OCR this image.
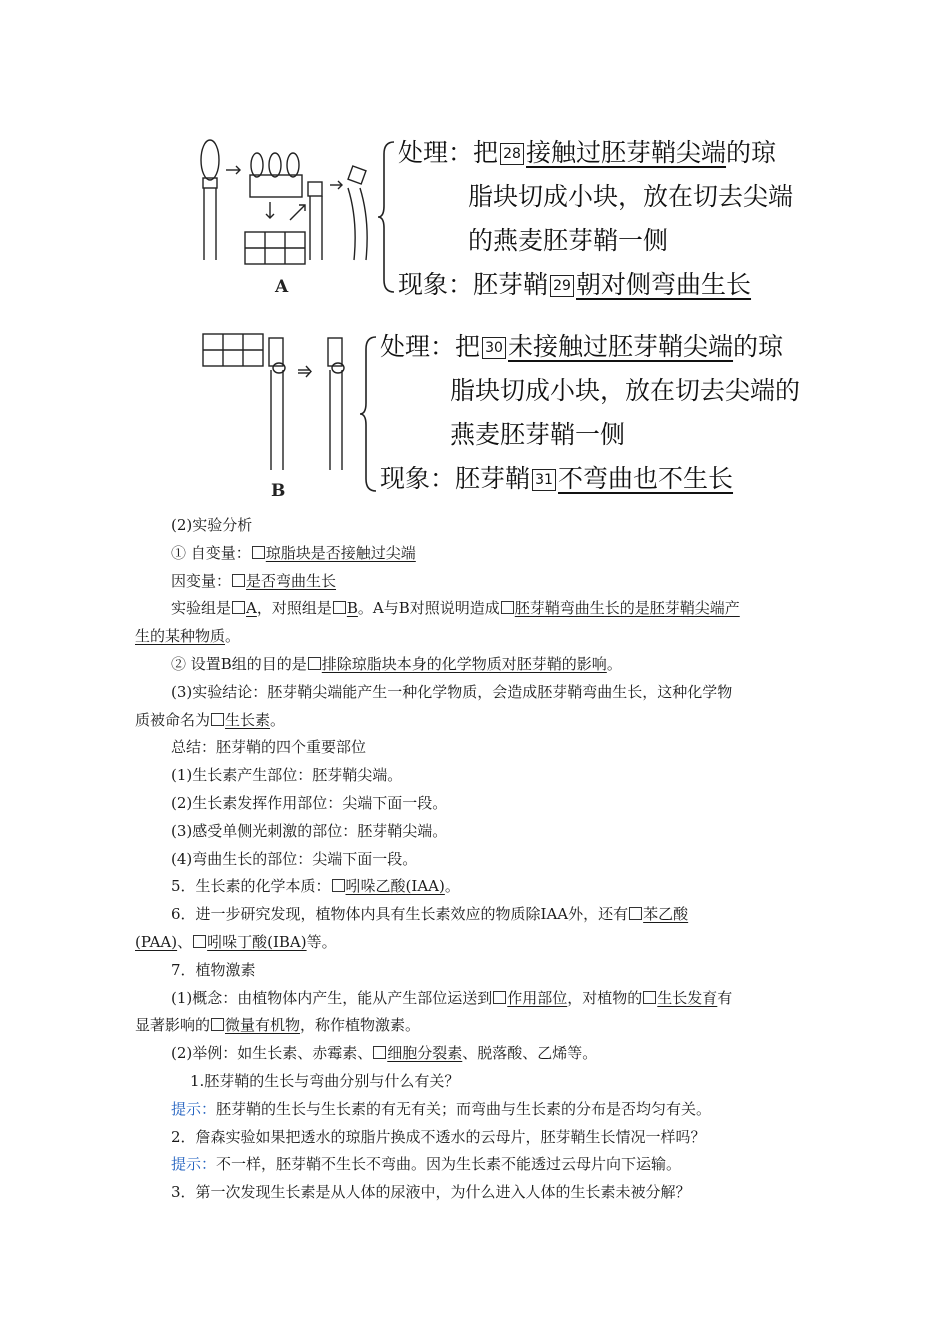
A
处理：把 28 接触过胚芽鞘尖端的琼
脂块切成小块，放在切去尖端
的燕麦胚芽鞘一侧
现象：胚芽鞘 29 朝对侧弯曲生长
B
处理：把 30 未接触过胚芽鞘尖端的琼
脂块切成小块，放在切去尖端的
燕麦胚芽鞘一侧
现象：胚芽鞘 31 不弯曲也不生长
(2)实验分析
① 自变量： 琼脂块是否接触过尖端
因变量： 是否弯曲生长
实验组是 A，对照组是 B。A与B对照说明造成 胚芽鞘弯曲生长的是胚芽鞘尖端产
生的某种物质。
② 设置B组的目的是 排除琼脂块本身的化学物质对胚芽鞘的影响。
(3)实验结论：胚芽鞘尖端能产生一种化学物质，会造成胚芽鞘弯曲生长，这种化学物
质被命名为 生长素。
总结：胚芽鞘的四个重要部位
(1)生长素产生部位：胚芽鞘尖端。
(2)生长素发挥作用部位：尖端下面一段。
(3)感受单侧光刺激的部位：胚芽鞘尖端。
(4)弯曲生长的部位：尖端下面一段。
5．生长素的化学本质： 吲哚乙酸(IAA)。
6．进一步研究发现，植物体内具有生长素效应的物质除IAA外，还有 苯乙酸
(PAA)、 吲哚丁酸(IBA)等。
7．植物激素
(1)概念：由植物体内产生，能从产生部位运送到 作用部位，对植物的 生长发育有
显著影响的 微量有机物，称作植物激素。
(2)举例：如生长素、赤霉素、 细胞分裂素、脱落酸、乙烯等。
1.胚芽鞘的生长与弯曲分别与什么有关？
提示：胚芽鞘的生长与生长素的有无有关；而弯曲与生长素的分布是否均匀有关。
2．詹森实验如果把透水的琼脂片换成不透水的云母片，胚芽鞘生长情况一样吗？
提示：不一样，胚芽鞘不生长不弯曲。因为生长素不能透过云母片向下运输。
3．第一次发现生长素是从人体的尿液中，为什么进入人体的生长素未被分解？
